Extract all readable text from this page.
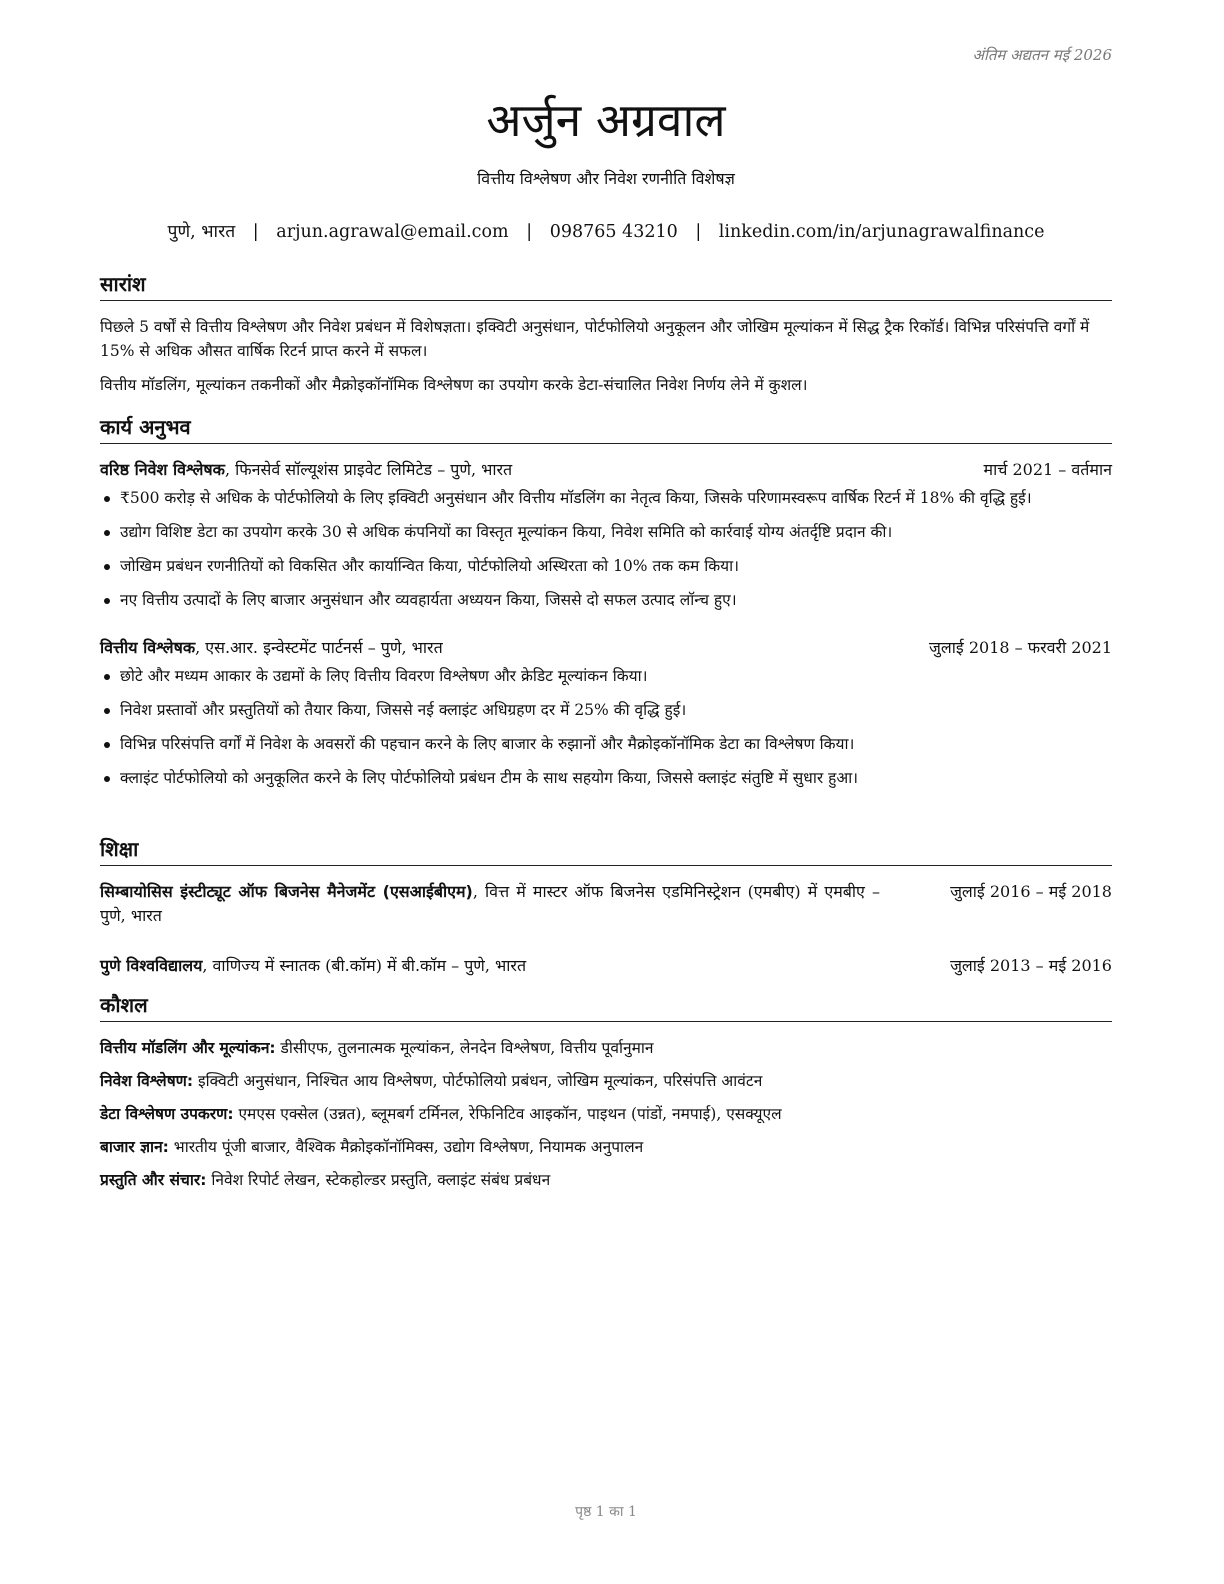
अंतिम अद्यतन मई 2026
अर्जुन अग्रवाल
वित्तीय विश्लेषण और निवेश रणनीति विशेषज्ञ
पुणे, भारत | arjun.agrawal@email.com | 098765 43210 | linkedin.com/in/arjunagrawalfinance
सारांश

पिछले 5 वर्षों से वित्तीय विश्लेषण और निवेश प्रबंधन में विशेषज्ञता। इक्विटी अनुसंधान, पोर्टफोलियो अनुकूलन और जोखिम मूल्यांकन में सिद्ध ट्रैक रिकॉर्ड। विभिन्न परिसंपत्ति वर्गों में 15% से अधिक औसत वार्षिक रिटर्न प्राप्त करने में सफल।

वित्तीय मॉडलिंग, मूल्यांकन तकनीकों और मैक्रोइकॉनॉमिक विश्लेषण का उपयोग करके डेटा-संचालित निवेश निर्णय लेने में कुशल।

कार्य अनुभव
वरिष्ठ निवेश विश्लेषक, फिनसेर्व सॉल्यूशंस प्राइवेट लिमिटेड – पुणे, भारत	मार्च 2021 – वर्तमान
₹500 करोड़ से अधिक के पोर्टफोलियो के लिए इक्विटी अनुसंधान और वित्तीय मॉडलिंग का नेतृत्व किया, जिसके परिणामस्वरूप वार्षिक रिटर्न में 18% की वृद्धि हुई।
उद्योग विशिष्ट डेटा का उपयोग करके 30 से अधिक कंपनियों का विस्तृत मूल्यांकन किया, निवेश समिति को कार्रवाई योग्य अंतर्दृष्टि प्रदान की।
जोखिम प्रबंधन रणनीतियों को विकसित और कार्यान्वित किया, पोर्टफोलियो अस्थिरता को 10% तक कम किया।
नए वित्तीय उत्पादों के लिए बाजार अनुसंधान और व्यवहार्यता अध्ययन किया, जिससे दो सफल उत्पाद लॉन्च हुए।
वित्तीय विश्लेषक, एस.आर. इन्वेस्टमेंट पार्टनर्स – पुणे, भारत	जुलाई 2018 – फरवरी 2021
छोटे और मध्यम आकार के उद्यमों के लिए वित्तीय विवरण विश्लेषण और क्रेडिट मूल्यांकन किया।
निवेश प्रस्तावों और प्रस्तुतियों को तैयार किया, जिससे नई क्लाइंट अधिग्रहण दर में 25% की वृद्धि हुई।
विभिन्न परिसंपत्ति वर्गों में निवेश के अवसरों की पहचान करने के लिए बाजार के रुझानों और मैक्रोइकॉनॉमिक डेटा का विश्लेषण किया।
क्लाइंट पोर्टफोलियो को अनुकूलित करने के लिए पोर्टफोलियो प्रबंधन टीम के साथ सहयोग किया, जिससे क्लाइंट संतुष्टि में सुधार हुआ।
शिक्षा
सिम्बायोसिस इंस्टीट्यूट ऑफ बिजनेस मैनेजमेंट (एसआईबीएम), वित्त में मास्टर ऑफ बिजनेस एडमिनिस्ट्रेशन (एमबीए) में एमबीए – पुणे, भारत
जुलाई 2016 – मई 2018
पुणे विश्वविद्यालय, वाणिज्य में स्नातक (बी.कॉम) में बी.कॉम – पुणे, भारत	जुलाई 2013 – मई 2016
कौशल
वित्तीय मॉडलिंग और मूल्यांकन: डीसीएफ, तुलनात्मक मूल्यांकन, लेनदेन विश्लेषण, वित्तीय पूर्वानुमान
निवेश विश्लेषण: इक्विटी अनुसंधान, निश्चित आय विश्लेषण, पोर्टफोलियो प्रबंधन, जोखिम मूल्यांकन, परिसंपत्ति आवंटन
डेटा विश्लेषण उपकरण: एमएस एक्सेल (उन्नत), ब्लूमबर्ग टर्मिनल, रेफिनिटिव आइकॉन, पाइथन (पांडों, नमपाई), एसक्यूएल
बाजार ज्ञान: भारतीय पूंजी बाजार, वैश्विक मैक्रोइकॉनॉमिक्स, उद्योग विश्लेषण, नियामक अनुपालन
प्रस्तुति और संचार: निवेश रिपोर्ट लेखन, स्टेकहोल्डर प्रस्तुति, क्लाइंट संबंध प्रबंधन
पृष्ठ 1 का 1
